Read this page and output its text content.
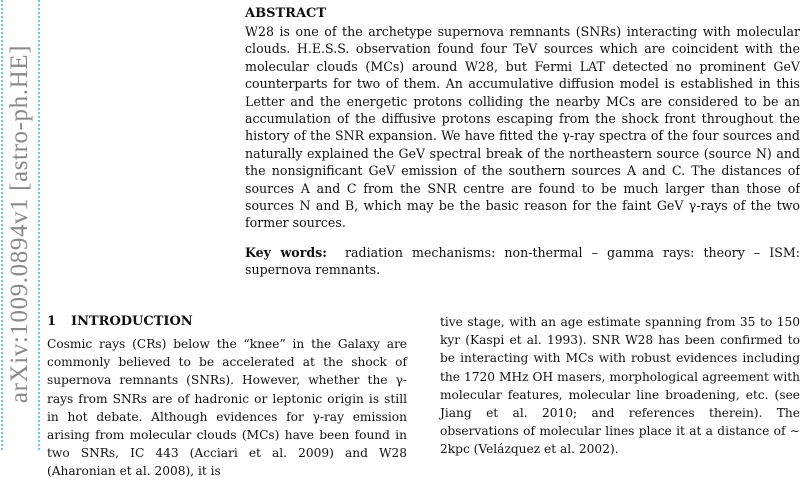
arXiv:1009.0894v1 [astro-ph.HE]
ABSTRACT

W28 is one of the archetype supernova remnants (SNRs) interacting with molecular clouds. H.E.S.S. observation found four TeV sources which are coincident with the molecular clouds (MCs) around W28, but Fermi LAT detected no prominent GeV counterparts for two of them. An accumulative diffusion model is established in this Letter and the energetic protons colliding the nearby MCs are considered to be an accumulation of the diffusive protons escaping from the shock front throughout the history of the SNR expansion. We have fitted the γ-ray spectra of the four sources and naturally explained the GeV spectral break of the northeastern source (source N) and the nonsignificant GeV emission of the southern sources A and C. The distances of sources A and C from the SNR centre are found to be much larger than those of sources N and B, which may be the basic reason for the faint GeV γ-rays of the two former sources.

Key words: radiation mechanisms: non-thermal – gamma rays: theory – ISM: supernova remnants.

1 INTRODUCTION

Cosmic rays (CRs) below the “knee” in the Galaxy are commonly believed to be accelerated at the shock of supernova remnants (SNRs). However, whether the γ-rays from SNRs are of hadronic or leptonic origin is still in hot debate. Although evidences for γ-ray emission arising from molecular clouds (MCs) have been found in two SNRs, IC 443 (Acciari et al. 2009) and W28 (Aharonian et al. 2008), it is

tive stage, with an age estimate spanning from 35 to 150 kyr (Kaspi et al. 1993). SNR W28 has been confirmed to be interacting with MCs with robust evidences including the 1720 MHz OH masers, morphological agreement with molecular features, molecular line broadening, etc. (see Jiang et al. 2010; and references therein). The observations of molecular lines place it at a distance of ∼ 2kpc (Velázquez et al. 2002).
